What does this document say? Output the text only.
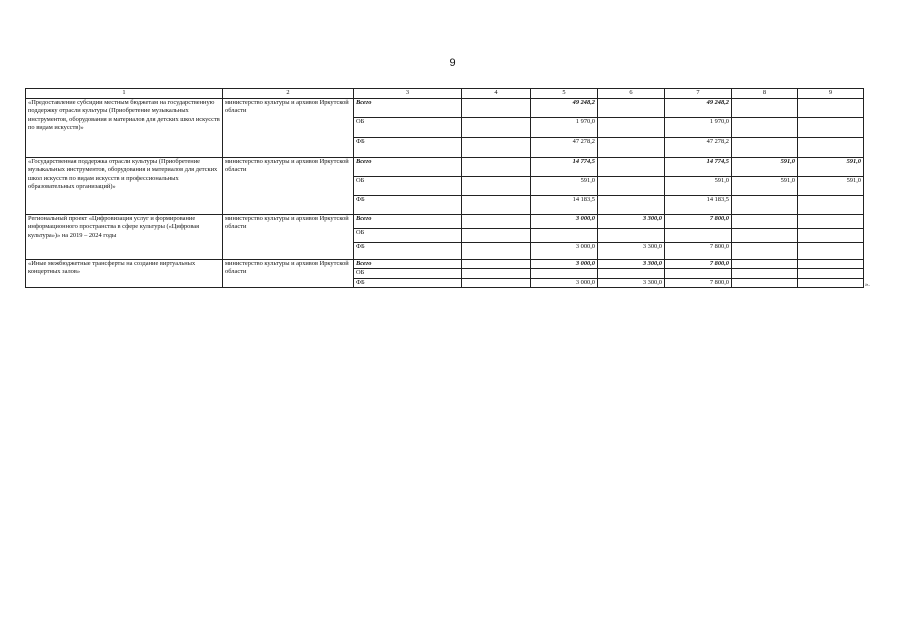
9
1	2	3	4	5	6	7	8	9
«Предоставление субсидии местным бюджетам на государственную поддержку отрасли культуры (Приобретение музыкальных инструментов, оборудования и материалов для детских школ искусств по видам искусств)»	министерство культуры и архивов Иркутской области	Всего		49 248,2		49 248,2		
		ОБ		1 970,0		1 970,0		
		ФБ		47 278,2		47 278,2		
«Государственная поддержка отрасли культуры (Приобретение музыкальных инструментов, оборудования и материалов для детских школ искусств по видам искусств и профессиональных образовательных организаций)»	министерство культуры и архивов Иркутской области	Всего		14 774,5		14 774,5	591,0	591,0
		ОБ		591,0		591,0	591,0	591,0
		ФБ		14 183,5		14 183,5		
Региональный проект «Цифровизация услуг и формирование информационного пространства в сфере культуры («Цифровая культура»)» на 2019 – 2024 годы	министерство культуры и архивов Иркутской области	Всего		3 000,0	3 300,0	7 800,0		
		ОБ						
		ФБ		3 000,0	3 300,0	7 800,0		
«Иные межбюджетные трансферты на создание виртуальных концертных залов»	министерство культуры и архивов Иркутской области	Всего		3 000,0	3 300,0	7 800,0		
		ОБ						
		ФБ		3 000,0	3 300,0	7 800,0			».
